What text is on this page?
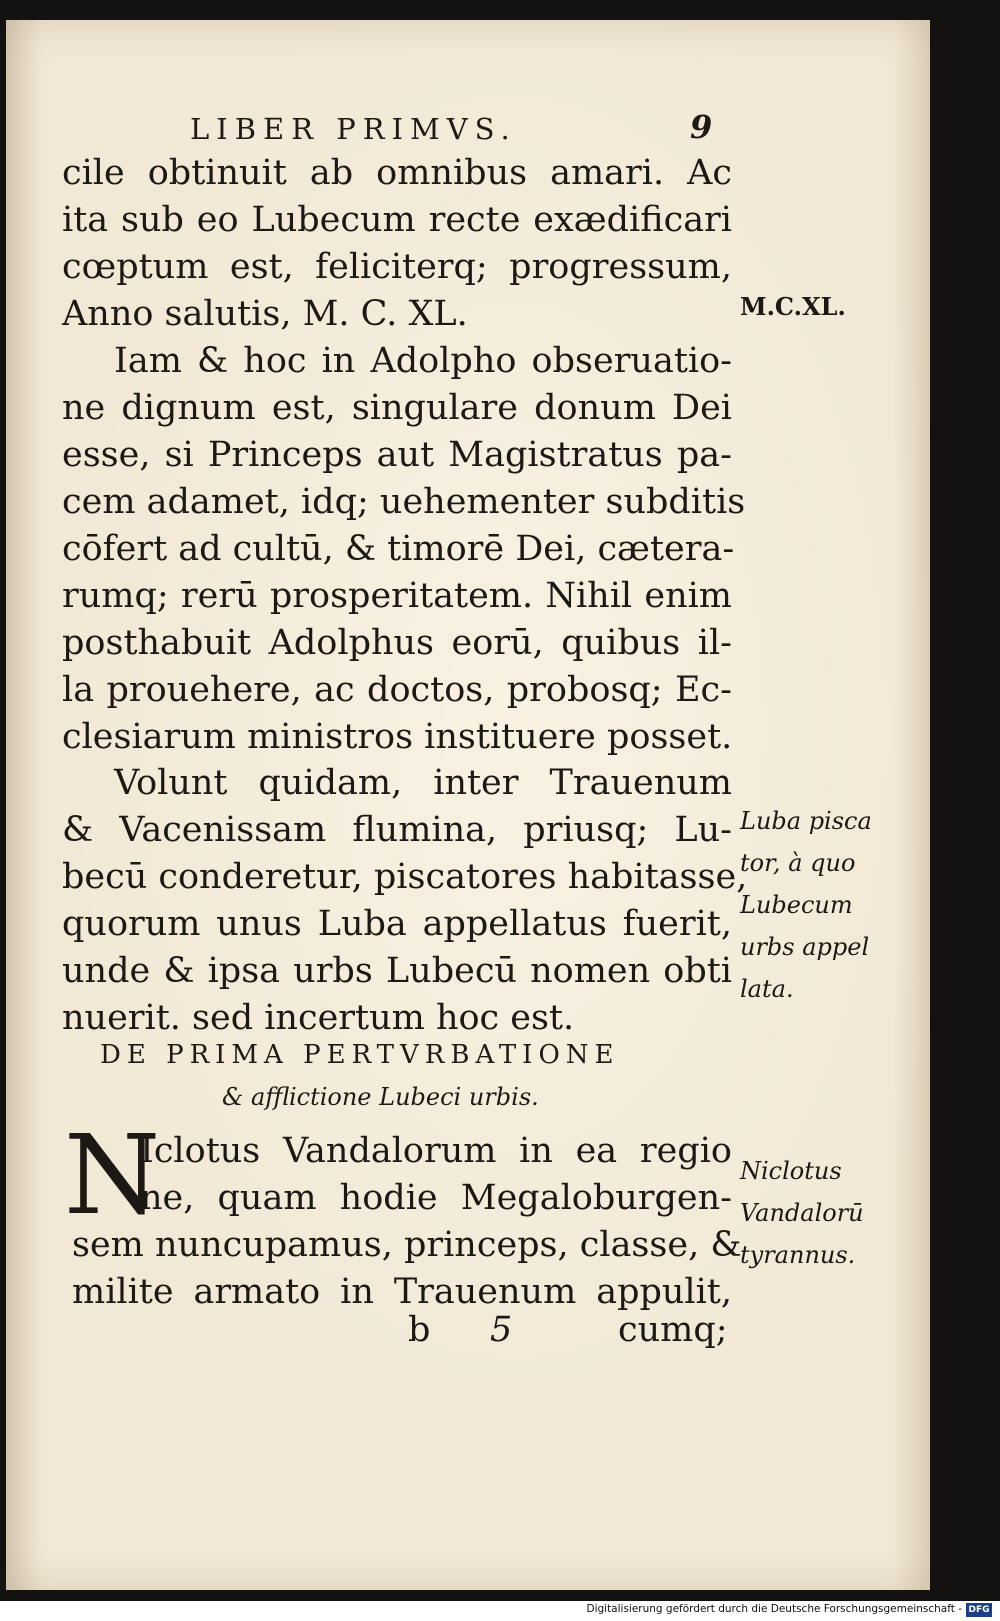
LIBER PRIMVS.	9
cile obtinuit ab omnibus amari. Ac
ita sub eo Lubecum recte exædificari
cœptum est, feliciterq; progressum,
Anno salutis, M. C. XL.
Iam & hoc in Adolpho obseruatio-
ne dignum est, singulare donum Dei
esse, si Princeps aut Magistratus pa-
cem adamet, idq; uehementer subditis
cōfert ad cultū, & timorē Dei, cætera-
rumq; rerū prosperitatem. Nihil enim
posthabuit Adolphus eorū, quibus il-
la prouehere, ac doctos, probosq; Ec-
clesiarum ministros instituere posset.
Volunt quidam, inter Trauenum
& Vacenissam flumina, priusq; Lu-
becū conderetur, piscatores habitasse,
quorum unus Luba appellatus fuerit,
unde & ipsa urbs Lubecū nomen obti
nuerit. sed incertum hoc est.
DE PRIMA PERTVRBATIONE
& afflictione Lubeci urbis.
N
Iclotus Vandalorum in ea regio
ne, quam hodie Megaloburgen-
sem nuncupamus, princeps, classe, &
milite armato in Trauenum appulit,
b 5	cumq;
M.C.XL.
Luba pisca
tor, à quo
Lubecum
urbs appel
lata.
Niclotus
Vandalorū
tyrannus.
Digitalisierung gefördert durch die Deutsche Forschungsgemeinschaft - DFG
